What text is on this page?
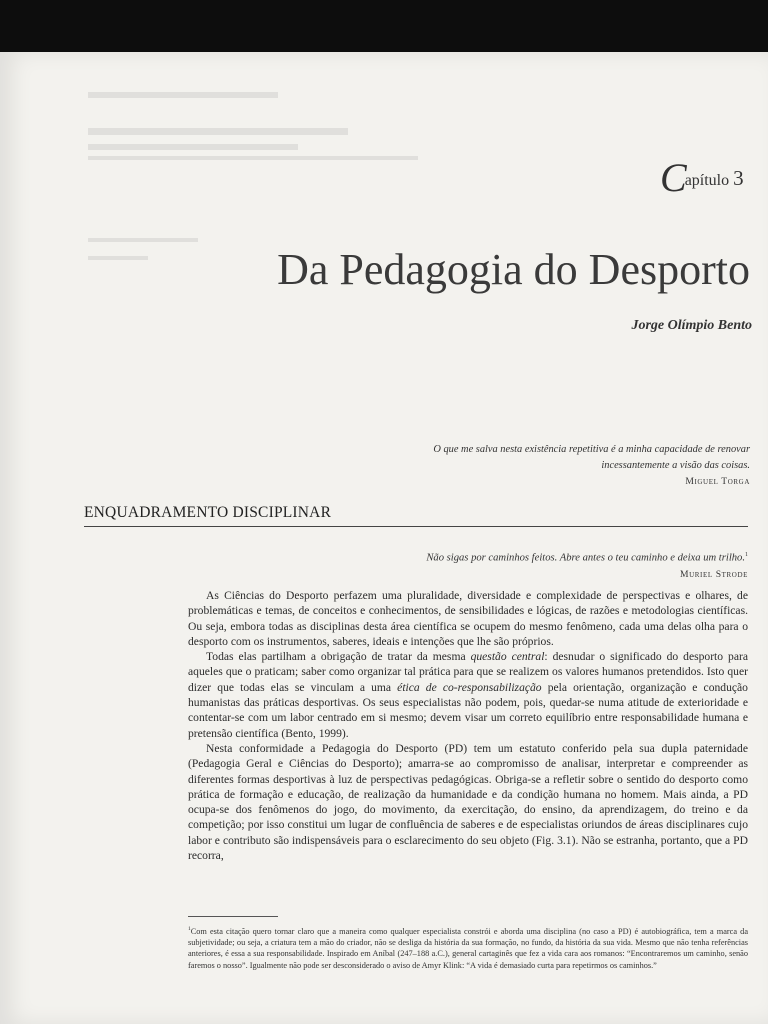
Capítulo 3
Da Pedagogia do Desporto
Jorge Olímpio Bento
O que me salva nesta existência repetitiva é a minha capacidade de renovar incessantemente a visão das coisas.
Miguel Torga
ENQUADRAMENTO DISCIPLINAR
Não sigas por caminhos feitos. Abre antes o teu caminho e deixa um trilho.$^1$
Muriel Strode

As Ciências do Desporto perfazem uma pluralidade, diversidade e complexidade de perspectivas e olhares, de problemáticas e temas, de conceitos e conhecimentos, de sensibilidades e lógicas, de razões e metodologias científicas. Ou seja, embora todas as disciplinas desta área científica se ocupem do mesmo fenômeno, cada uma delas olha para o desporto com os instrumentos, saberes, ideais e intenções que lhe são próprios.

Todas elas partilham a obrigação de tratar da mesma questão central: desnudar o significado do desporto para aqueles que o praticam; saber como organizar tal prática para que se realizem os valores humanos pretendidos. Isto quer dizer que todas elas se vinculam a uma ética de co-responsabilização pela orientação, organização e condução humanistas das práticas desportivas. Os seus especialistas não podem, pois, quedar-se numa atitude de exterioridade e contentar-se com um labor centrado em si mesmo; devem visar um correto equilíbrio entre responsabilidade humana e pretensão científica (Bento, 1999).

Nesta conformidade a Pedagogia do Desporto (PD) tem um estatuto conferido pela sua dupla paternidade (Pedagogia Geral e Ciências do Desporto); amarra-se ao compromisso de analisar, interpretar e compreender as diferentes formas desportivas à luz de perspectivas pedagógicas. Obriga-se a refletir sobre o sentido do desporto como prática de formação e educação, de realização da humanidade e da condição humana no homem. Mais ainda, a PD ocupa-se dos fenômenos do jogo, do movimento, da exercitação, do ensino, da aprendizagem, do treino e da competição; por isso constitui um lugar de confluência de saberes e de especialistas oriundos de áreas disciplinares cujo labor e contributo são indispensáveis para o esclarecimento do seu objeto (Fig. 3.1). Não se estranha, portanto, que a PD recorra,

$^1$Com esta citação quero tornar claro que a maneira como qualquer especialista constrói e aborda uma disciplina (no caso a PD) é autobiográfica, tem a marca da subjetividade; ou seja, a criatura tem a mão do criador, não se desliga da história da sua formação, no fundo, da história da sua vida. Mesmo que não tenha referências anteriores, é essa a sua responsabilidade. Inspirado em Aníbal (247–188 a.C.), general cartaginês que fez a vida cara aos romanos: “Encontraremos um caminho, senão faremos o nosso”. Igualmente não pode ser desconsiderado o aviso de Amyr Klink: “A vida é demasiado curta para repetirmos os caminhos.”
